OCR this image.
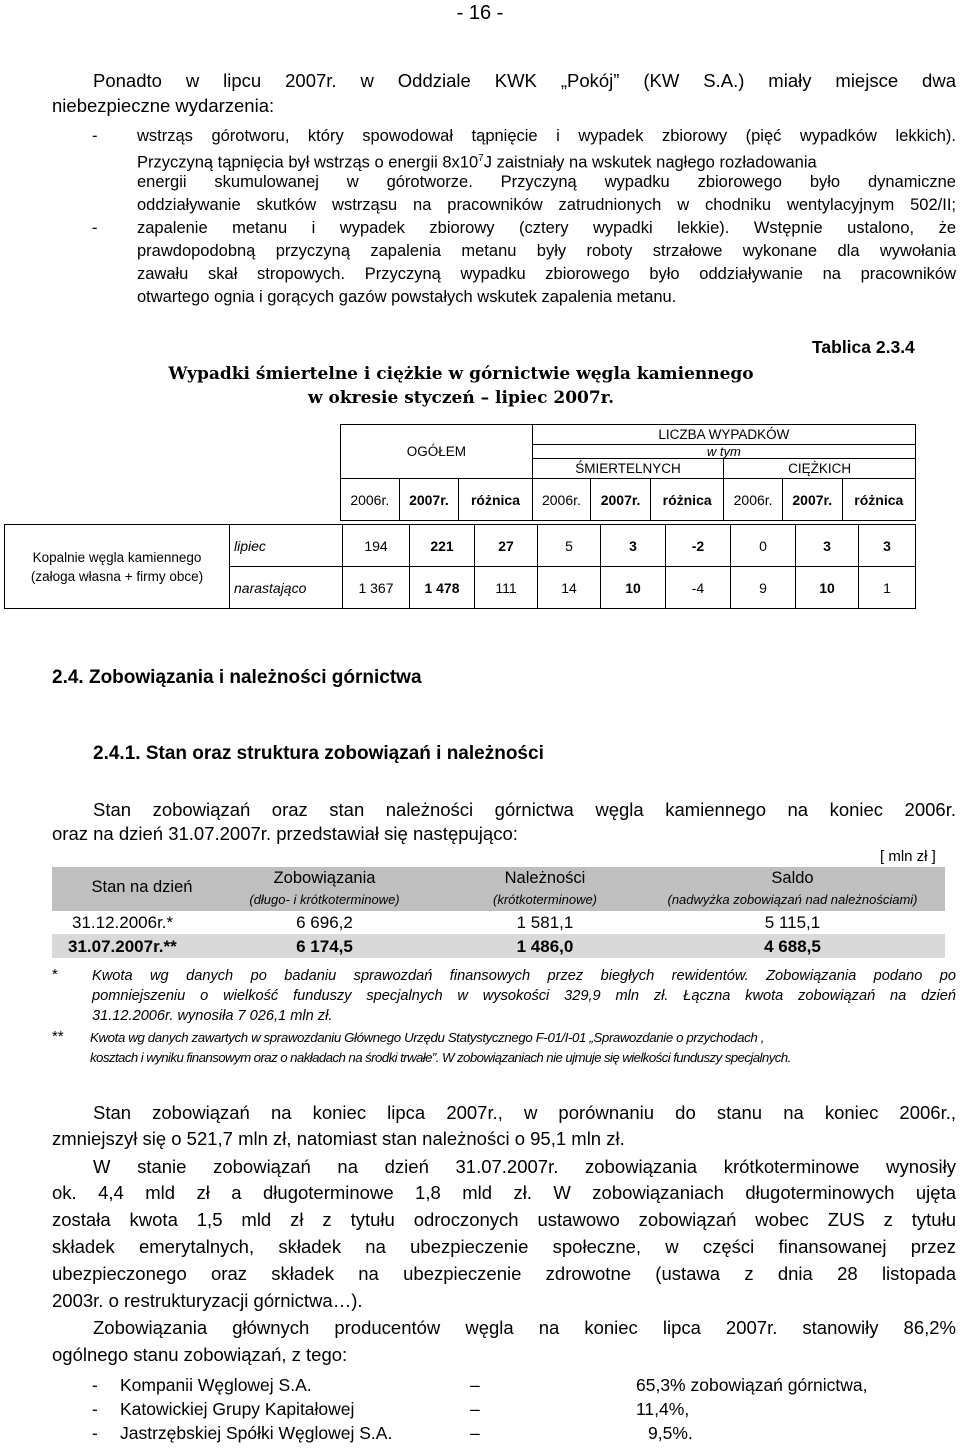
- 16 -
Ponadto w lipcu 2007r. w Oddziale KWK „Pokój” (KW S.A.) miały miejsce dwa
niebezpieczne wydarzenia:
- wstrząs górotworu, który spowodował tąpnięcie i wypadek zbiorowy (pięć wypadków lekkich).
Przyczyną tąpnięcia był wstrząs o energii $8x10^7J$ zaistniały na wskutek nagłego rozładowania
energii skumulowanej w górotworze. Przyczyną wypadku zbiorowego było dynamiczne
oddziaływanie skutków wstrząsu na pracowników zatrudnionych w chodniku wentylacyjnym 502/II;
- zapalenie metanu i wypadek zbiorowy (cztery wypadki lekkie). Wstępnie ustalono, że
prawdopodobną przyczyną zapalenia metanu były roboty strzałowe wykonane dla wywołania
zawału skał stropowych. Przyczyną wypadku zbiorowego było oddziaływanie na pracowników
otwartego ognia i gorących gazów powstałych wskutek zapalenia metanu.
Tablica 2.3.4
Wypadki śmiertelne i ciężkie w górnictwie węgla kamiennego
w okresie styczeń – lipiec 2007r.
OGÓŁEM			LICZBA WYPADKÓW					
			w tym					
			ŚMIERTELNYCH			CIĘŻKICH		
2006r.	2007r.	różnica	2006r.	2007r.	różnica	2006r.	2007r.	różnica
Kopalnie węgla kamiennego
(załoga własna + firmy obce)	lipiec	194	221	27	5	3	-2	0	3	3
	narastająco	1 367	1 478	111	14	10	-4	9	10	1
2.4. Zobowiązania i należności górnictwa
2.4.1. Stan oraz struktura zobowiązań i należności
Stan zobowiązań oraz stan należności górnictwa węgla kamiennego na koniec 2006r.
oraz na dzień 31.07.2007r. przedstawiał się następująco:
[ mln zł ]
Stan na dzień	Zobowiązania
(długo- i krótkoterminowe)
Należności
(krótkoterminowe)
Saldo
(nadwyżka zobowiązań nad należnościami)
31.12.2006r.*	6 696,2	1 581,1	5 115,1
31.07.2007r.**	6 174,5	1 486,0	4 688,5
* Kwota wg danych po badaniu sprawozdań finansowych przez biegłych rewidentów. Zobowiązania podano po
pomniejszeniu o wielkość funduszy specjalnych w wysokości 329,9 mln zł. Łączna kwota zobowiązań na dzień
31.12.2006r. wynosiła 7 026,1 mln zł.
** Kwota wg danych zawartych w sprawozdaniu Głównego Urzędu Statystycznego F-01/I-01 „Sprawozdanie o przychodach ,
kosztach i wyniku finansowym oraz o nakładach na środki trwałe”. W zobowiązaniach nie ujmuje się wielkości funduszy specjalnych.
Stan zobowiązań na koniec lipca 2007r., w porównaniu do stanu na koniec 2006r.,
zmniejszył się o 521,7 mln zł, natomiast stan należności o 95,1 mln zł.
W stanie zobowiązań na dzień 31.07.2007r. zobowiązania krótkoterminowe wynosiły
ok. 4,4 mld zł a długoterminowe 1,8 mld zł. W zobowiązaniach długoterminowych ujęta
została kwota 1,5 mld zł z tytułu odroczonych ustawowo zobowiązań wobec ZUS z tytułu
składek emerytalnych, składek na ubezpieczenie społeczne, w części finansowanej przez
ubezpieczonego oraz składek na ubezpieczenie zdrowotne (ustawa z dnia 28 listopada
2003r. o restrukturyzacji górnictwa…).
Zobowiązania głównych producentów węgla na koniec lipca 2007r. stanowiły 86,2%
ogólnego stanu zobowiązań, z tego:
- Kompanii Węglowej S.A.	–	65,3% zobowiązań górnictwa,
- Katowickiej Grupy Kapitałowej	–	11,4%,
- Jastrzębskiej Spółki Węglowej S.A.	–	9,5%.
